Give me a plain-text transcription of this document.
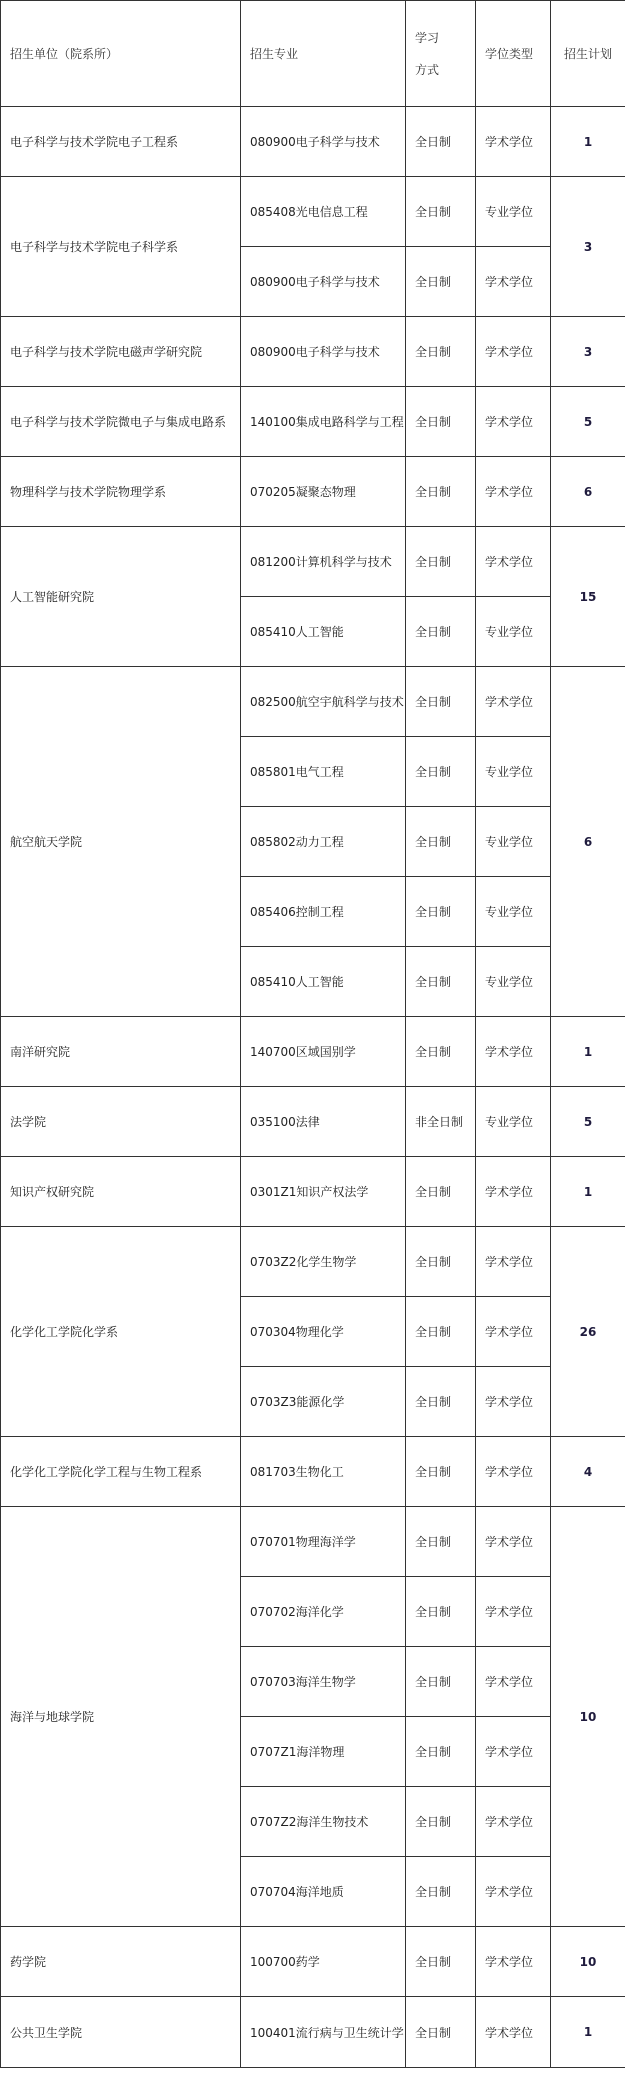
招生单位（院系所）	招生专业	学习方式	学位类型	招生计划
电子科学与技术学院电子工程系	080900电子科学与技术	全日制	学术学位	1
电子科学与技术学院电子科学系	085408光电信息工程	全日制	专业学位	3
	080900电子科学与技术	全日制	学术学位	
电子科学与技术学院电磁声学研究院	080900电子科学与技术	全日制	学术学位	3
电子科学与技术学院微电子与集成电路系	140100集成电路科学与工程	全日制	学术学位	5
物理科学与技术学院物理学系	070205凝聚态物理	全日制	学术学位	6
人工智能研究院	081200计算机科学与技术	全日制	学术学位	15
	085410人工智能	全日制	专业学位	
航空航天学院	082500航空宇航科学与技术	全日制	学术学位	6
	085801电气工程	全日制	专业学位	
	085802动力工程	全日制	专业学位	
	085406控制工程	全日制	专业学位	
	085410人工智能	全日制	专业学位	
南洋研究院	140700区域国别学	全日制	学术学位	1
法学院	035100法律	非全日制	专业学位	5
知识产权研究院	0301Z1知识产权法学	全日制	学术学位	1
化学化工学院化学系	0703Z2化学生物学	全日制	学术学位	26
	070304物理化学	全日制	学术学位	
	0703Z3能源化学	全日制	学术学位	
化学化工学院化学工程与生物工程系	081703生物化工	全日制	学术学位	4
海洋与地球学院	070701物理海洋学	全日制	学术学位	10
	070702海洋化学	全日制	学术学位	
	070703海洋生物学	全日制	学术学位	
	0707Z1海洋物理	全日制	学术学位	
	0707Z2海洋生物技术	全日制	学术学位	
	070704海洋地质	全日制	学术学位	
药学院	100700药学	全日制	学术学位	10
公共卫生学院	100401流行病与卫生统计学	全日制	学术学位	1
